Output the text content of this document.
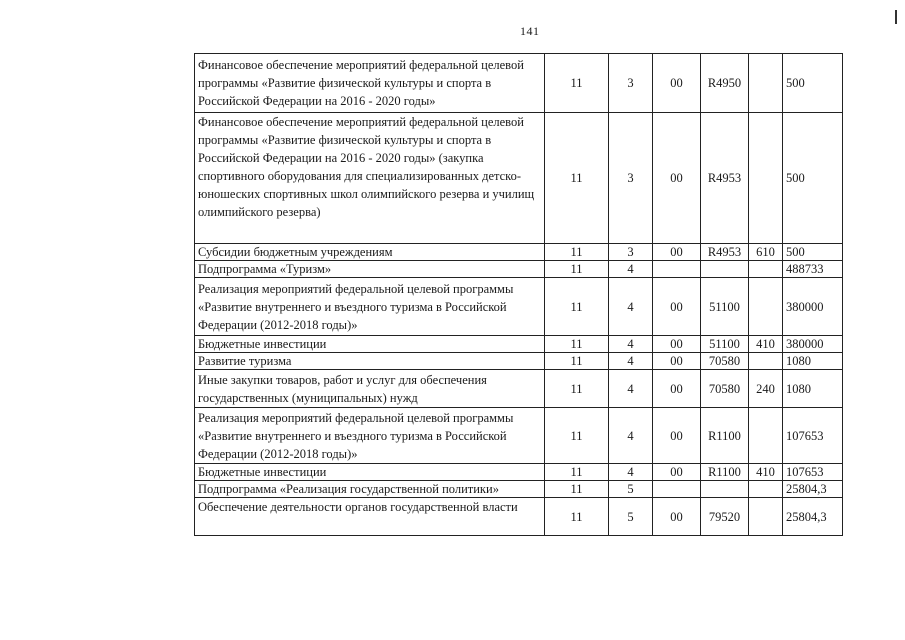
141
Финансовое обеспечение мероприятий федеральной целевой программы «Развитие физической культуры и спорта в Российской Федерации на 2016 - 2020 годы»	11	3	00	R4950		500
Финансовое обеспечение мероприятий федеральной целевой программы «Развитие физической культуры и спорта в Российской Федерации на 2016 - 2020 годы» (закупка спортивного оборудования для специализированных детско-юношеских спортивных школ олимпийского резерва и училищ олимпийского резерва)	11	3	00	R4953		500
Субсидии бюджетным учреждениям	11	3	00	R4953	610	500
Подпрограмма «Туризм»	11	4				488733
Реализация мероприятий федеральной целевой программы «Развитие внутреннего и въездного туризма в Российской Федерации (2012-2018 годы)»	11	4	00	51100		380000
Бюджетные инвестиции	11	4	00	51100	410	380000
Развитие туризма	11	4	00	70580		1080
Иные закупки товаров, работ и услуг для обеспечения государственных (муниципальных) нужд	11	4	00	70580	240	1080
Реализация мероприятий федеральной целевой программы «Развитие внутреннего и въездного туризма в Российской Федерации (2012-2018 годы)»	11	4	00	R1100		107653
Бюджетные инвестиции	11	4	00	R1100	410	107653
Подпрограмма «Реализация государственной политики»	11	5				25804,3
Обеспечение деятельности органов государственной власти	11	5	00	79520		25804,3
